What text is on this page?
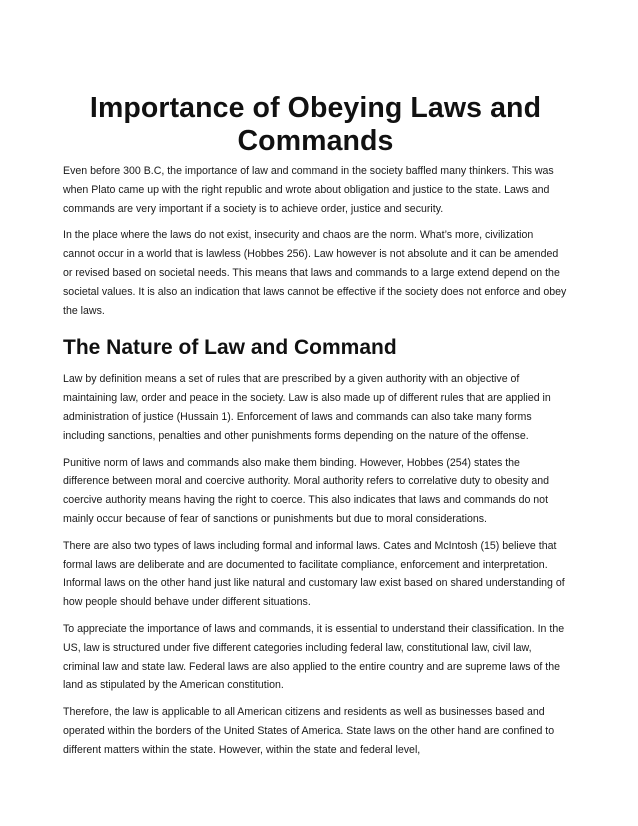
Importance of Obeying Laws and Commands

Even before 300 B.C, the importance of law and command in the society baffled many thinkers. This was when Plato came up with the right republic and wrote about obligation and justice to the state. Laws and commands are very important if a society is to achieve order, justice and security.

In the place where the laws do not exist, insecurity and chaos are the norm. What’s more, civilization cannot occur in a world that is lawless (Hobbes 256). Law however is not absolute and it can be amended or revised based on societal needs. This means that laws and commands to a large extend depend on the societal values. It is also an indication that laws cannot be effective if the society does not enforce and obey the laws.

The Nature of Law and Command

Law by definition means a set of rules that are prescribed by a given authority with an objective of maintaining law, order and peace in the society. Law is also made up of different rules that are applied in administration of justice (Hussain 1). Enforcement of laws and commands can also take many forms including sanctions, penalties and other punishments forms depending on the nature of the offense.

Punitive norm of laws and commands also make them binding. However, Hobbes (254) states the difference between moral and coercive authority. Moral authority refers to correlative duty to obesity and coercive authority means having the right to coerce. This also indicates that laws and commands do not mainly occur because of fear of sanctions or punishments but due to moral considerations.

There are also two types of laws including formal and informal laws. Cates and McIntosh (15) believe that formal laws are deliberate and are documented to facilitate compliance, enforcement and interpretation. Informal laws on the other hand just like natural and customary law exist based on shared understanding of how people should behave under different situations.

To appreciate the importance of laws and commands, it is essential to understand their classification. In the US, law is structured under five different categories including federal law, constitutional law, civil law, criminal law and state law. Federal laws are also applied to the entire country and are supreme laws of the land as stipulated by the American constitution.

Therefore, the law is applicable to all American citizens and residents as well as businesses based and operated within the borders of the United States of America. State laws on the other hand are confined to different matters within the state. However, within the state and federal level,
